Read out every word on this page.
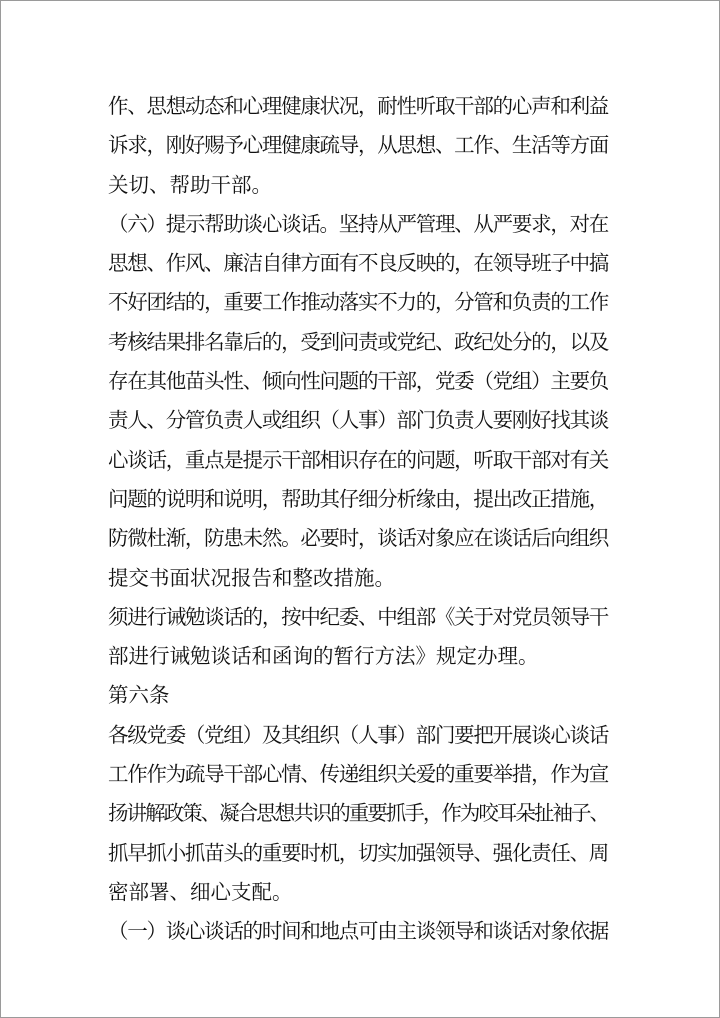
作、思想动态和心理健康状况，耐性听取干部的心声和利益
诉求，刚好赐予心理健康疏导，从思想、工作、生活等方面
关切、帮助干部。
（六）提示帮助谈心谈话。坚持从严管理、从严要求，对在
思想、作风、廉洁自律方面有不良反映的，在领导班子中搞
不好团结的，重要工作推动落实不力的，分管和负责的工作
考核结果排名靠后的，受到问责或党纪、政纪处分的，以及
存在其他苗头性、倾向性问题的干部，党委（党组）主要负
责人、分管负责人或组织（人事）部门负责人要刚好找其谈
心谈话，重点是提示干部相识存在的问题，听取干部对有关
问题的说明和说明，帮助其仔细分析缘由，提出改正措施，
防微杜渐，防患未然。必要时，谈话对象应在谈话后向组织
提交书面状况报告和整改措施。
须进行诫勉谈话的，按中纪委、中组部《关于对党员领导干
部进行诫勉谈话和函询的暂行方法》规定办理。
第六条
各级党委（党组）及其组织（人事）部门要把开展谈心谈话
工作作为疏导干部心情、传递组织关爱的重要举措，作为宣
扬讲解政策、凝合思想共识的重要抓手，作为咬耳朵扯袖子、
抓早抓小抓苗头的重要时机，切实加强领导、强化责任、周
密部署、细心支配。
（一）谈心谈话的时间和地点可由主谈领导和谈话对象依据
